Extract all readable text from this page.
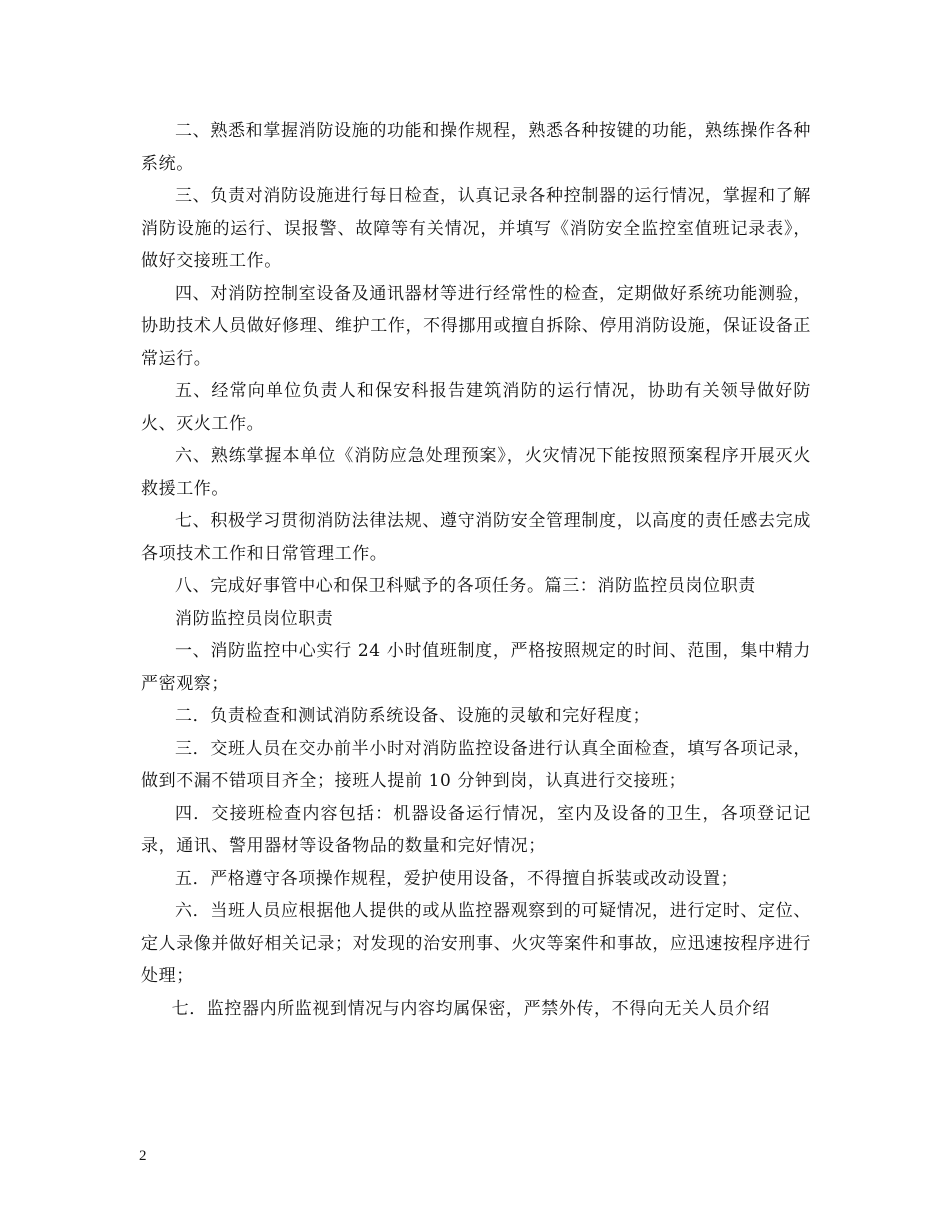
二、熟悉和掌握消防设施的功能和操作规程，熟悉各种按键的功能，熟练操作各种系统。

三、负责对消防设施进行每日检查，认真记录各种控制器的运行情况，掌握和了解消防设施的运行、误报警、故障等有关情况，并填写《消防安全监控室值班记录表》，做好交接班工作。

四、对消防控制室设备及通讯器材等进行经常性的检查，定期做好系统功能测验，协助技术人员做好修理、维护工作，不得挪用或擅自拆除、停用消防设施，保证设备正常运行。

五、经常向单位负责人和保安科报告建筑消防的运行情况，协助有关领导做好防火、灭火工作。

六、熟练掌握本单位《消防应急处理预案》，火灾情况下能按照预案程序开展灭火救援工作。

七、积极学习贯彻消防法律法规、遵守消防安全管理制度，以高度的责任感去完成各项技术工作和日常管理工作。

八、完成好事管中心和保卫科赋予的各项任务。篇三：消防监控员岗位职责

消防监控员岗位职责

一、消防监控中心实行 24 小时值班制度，严格按照规定的时间、范围，集中精力严密观察；

二．负责检查和测试消防系统设备、设施的灵敏和完好程度；

三．交班人员在交办前半小时对消防监控设备进行认真全面检查，填写各项记录，做到不漏不错项目齐全；接班人提前 10 分钟到岗，认真进行交接班；

四．交接班检查内容包括：机器设备运行情况，室内及设备的卫生，各项登记记录，通讯、警用器材等设备物品的数量和完好情况；

五．严格遵守各项操作规程，爱护使用设备，不得擅自拆装或改动设置；

六．当班人员应根据他人提供的或从监控器观察到的可疑情况，进行定时、定位、定人录像并做好相关记录；对发现的治安刑事、火灾等案件和事故，应迅速按程序进行处理；

七．监控器内所监视到情况与内容均属保密，严禁外传，不得向无关人员介绍

2
